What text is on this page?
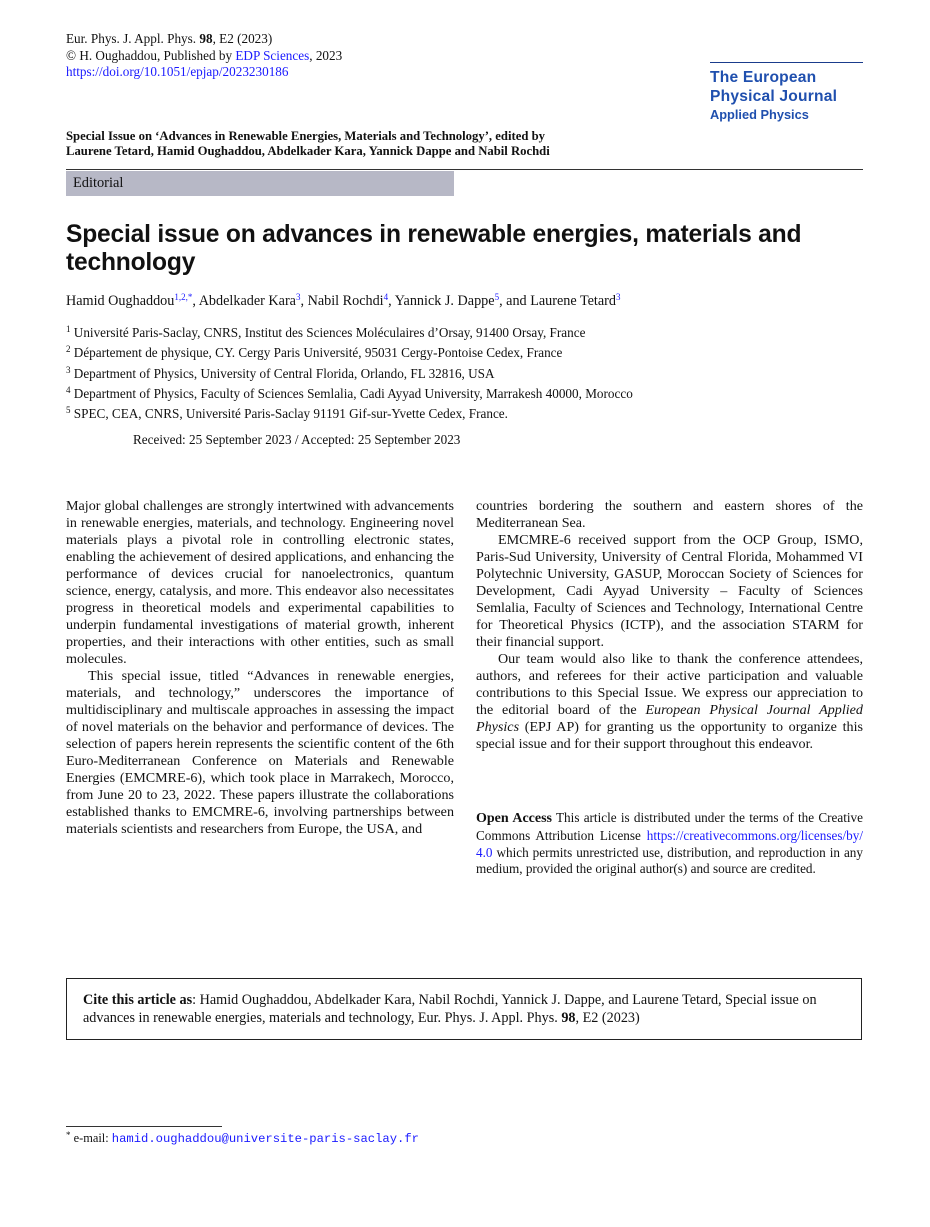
Eur. Phys. J. Appl. Phys. 98, E2 (2023)
© H. Oughaddou, Published by EDP Sciences, 2023
https://doi.org/10.1051/epjap/2023230186	The European
Physical Journal
Applied Physics
Special Issue on ‘Advances in Renewable Energies, Materials and Technology’, edited by
Laurene Tetard, Hamid Oughaddou, Abdelkader Kara, Yannick Dappe and Nabil Rochdi
Editorial
Special issue on advances in renewable energies, materials and technology
Hamid Oughaddou$^{1,2,*}$, Abdelkader Kara$^3$, Nabil Rochdi$^4$, Yannick J. Dappe$^5$, and Laurene Tetard$^3$
$^1$ Université Paris-Saclay, CNRS, Institut des Sciences Moléculaires d’Orsay, 91400 Orsay, France
$^2$ Département de physique, CY. Cergy Paris Université, 95031 Cergy-Pontoise Cedex, France
$^3$ Department of Physics, University of Central Florida, Orlando, FL 32816, USA
$^4$ Department of Physics, Faculty of Sciences Semlalia, Cadi Ayyad University, Marrakesh 40000, Morocco
$^5$ SPEC, CEA, CNRS, Université Paris-Saclay 91191 Gif-sur-Yvette Cedex, France.
Received: 25 September 2023 / Accepted: 25 September 2023

Major global challenges are strongly intertwined with advancements in renewable energies, materials, and technology. Engineering novel materials plays a pivotal role in controlling electronic states, enabling the achievement of desired applications, and enhancing the performance of devices crucial for nanoelectronics, quantum science, energy, catalysis, and more. This endeavor also necessitates progress in theoretical models and experimental capabilities to underpin fundamental investigations of material growth, inherent properties, and their interactions with other entities, such as small molecules.

This special issue, titled “Advances in renewable energies, materials, and technology,” underscores the importance of multidisciplinary and multiscale approaches in assessing the impact of novel materials on the behavior and performance of devices. The selection of papers herein represents the scientific content of the 6th Euro-Mediterranean Conference on Materials and Renewable Energies (EMCMRE-6), which took place in Marrakech, Morocco, from June 20 to 23, 2022. These papers illustrate the collaborations established thanks to EMCMRE-6, involving partnerships between materials scientists and researchers from Europe, the USA, and

countries bordering the southern and eastern shores of the Mediterranean Sea.

EMCMRE-6 received support from the OCP Group, ISMO, Paris-Sud University, University of Central Florida, Mohammed VI Polytechnic University, GASUP, Moroccan Society of Sciences for Development, Cadi Ayyad University – Faculty of Sciences Semlalia, Faculty of Sciences and Technology, International Centre for Theoretical Physics (ICTP), and the association STARM for their financial support.

Our team would also like to thank the conference attendees, authors, and referees for their active participation and valuable contributions to this Special Issue. We express our appreciation to the editorial board of the European Physical Journal Applied Physics (EPJ AP) for granting us the opportunity to organize this special issue and for their support throughout this endeavor.

Open Access This article is distributed under the terms of the Creative Commons Attribution License https://creativecommons.org/licenses/by/4.0 which permits unrestricted use, distribution, and reproduction in any medium, provided the original author(s) and source are credited.
Cite this article as: Hamid Oughaddou, Abdelkader Kara, Nabil Rochdi, Yannick J. Dappe, and Laurene Tetard, Special issue on advances in renewable energies, materials and technology, Eur. Phys. J. Appl. Phys. 98, E2 (2023)
* e-mail: hamid.oughaddou@universite-paris-saclay.fr
